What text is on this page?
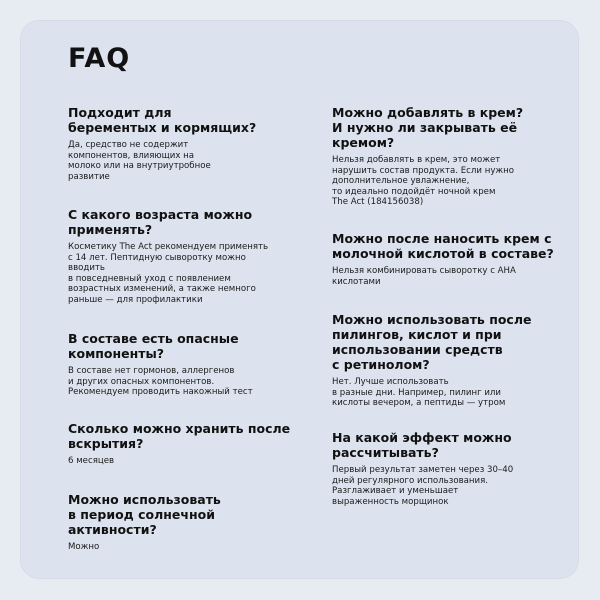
FAQ

Подходит для
берементых и кормящих?

Да, средство не содержит
компонентов, влияющих на
молоко или на внутриутробное
развитие

С какого возраста можно
применять?

Косметику The Act рекомендуем применять
с 14 лет. Пептидную сыворотку можно
вводить
в повседневный уход с появлением
возрастных изменений, а также немного
раньше — для профилактики

В составе есть опасные
компоненты?

В составе нет гормонов, аллергенов
и других опасных компонентов.
Рекомендуем проводить накожный тест

Сколько можно хранить после
вскрытия?

6 месяцев

Можно использовать
в период солнечной активности?

Можно

Можно добавлять в крем?
И нужно ли закрывать её
кремом?

Нельзя добавлять в крем, это может
нарушить состав продукта. Если нужно
дополнительное увлажнение,
то идеально подойдёт ночной крем
The Act (184156038)

Можно после наносить крем с
молочной кислотой в составе?

Нельзя комбинировать сыворотку с АНА
кислотами

Можно использовать после
пилингов, кислот и при
использовании средств
с ретинолом?

Нет. Лучше использовать
в разные дни. Например, пилинг или
кислоты вечером, а пептиды — утром

На какой эффект можно
рассчитывать?

Первый результат заметен через 30–40
дней регулярного использования.
Разглаживает и уменьшает
выраженность морщинок
